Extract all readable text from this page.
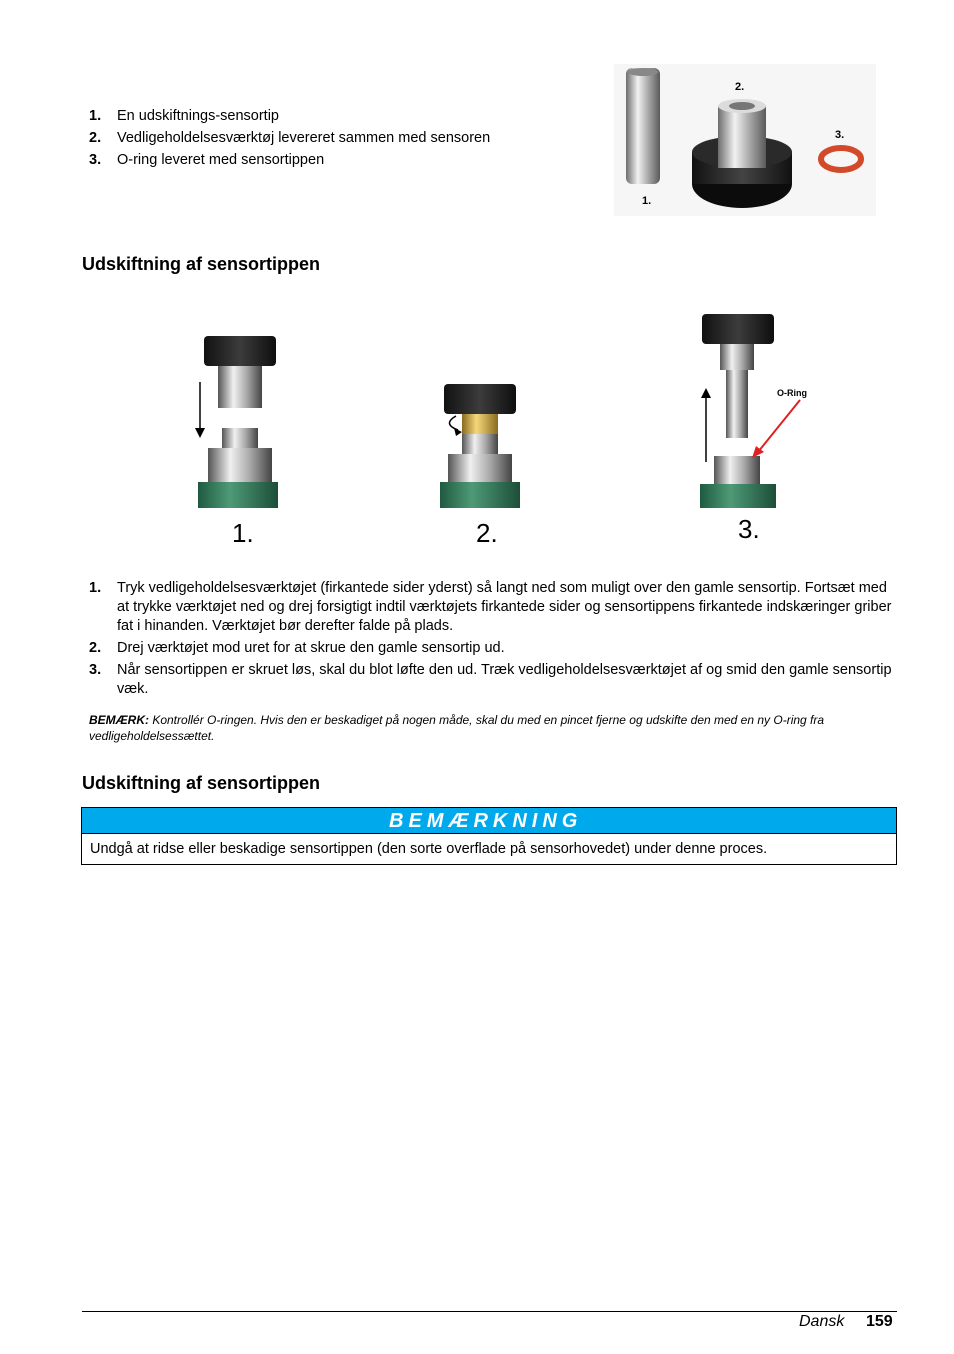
1. En udskiftnings-sensortip
2. Vedligeholdelsesværktøj levereret sammen med sensoren
3. O-ring leveret med sensortippen
1.
2.
3.
Udskiftning af sensortippen
1.	2.
O-Ring
3.
1. Tryk vedligeholdelsesværktøjet (firkantede sider yderst) så langt ned som muligt over den gamle sensortip. Fortsæt med at trykke værktøjet ned og drej forsigtigt indtil værktøjets firkantede sider og sensortippens firkantede indskæringer griber fat i hinanden. Værktøjet bør derefter falde på plads.
2. Drej værktøjet mod uret for at skrue den gamle sensortip ud.
3. Når sensortippen er skruet løs, skal du blot løfte den ud. Træk vedligeholdelsesværktøjet af og smid den gamle sensortip væk.

BEMÆRK: Kontrollér O-ringen. Hvis den er beskadiget på nogen måde, skal du med en pincet fjerne og udskifte den med en ny O-ring fra vedligeholdelsessættet.

Udskiftning af sensortippen
BEMÆRKNING
Undgå at ridse eller beskadige sensortippen (den sorte overflade på sensorhovedet) under denne proces.
Dansk 159
